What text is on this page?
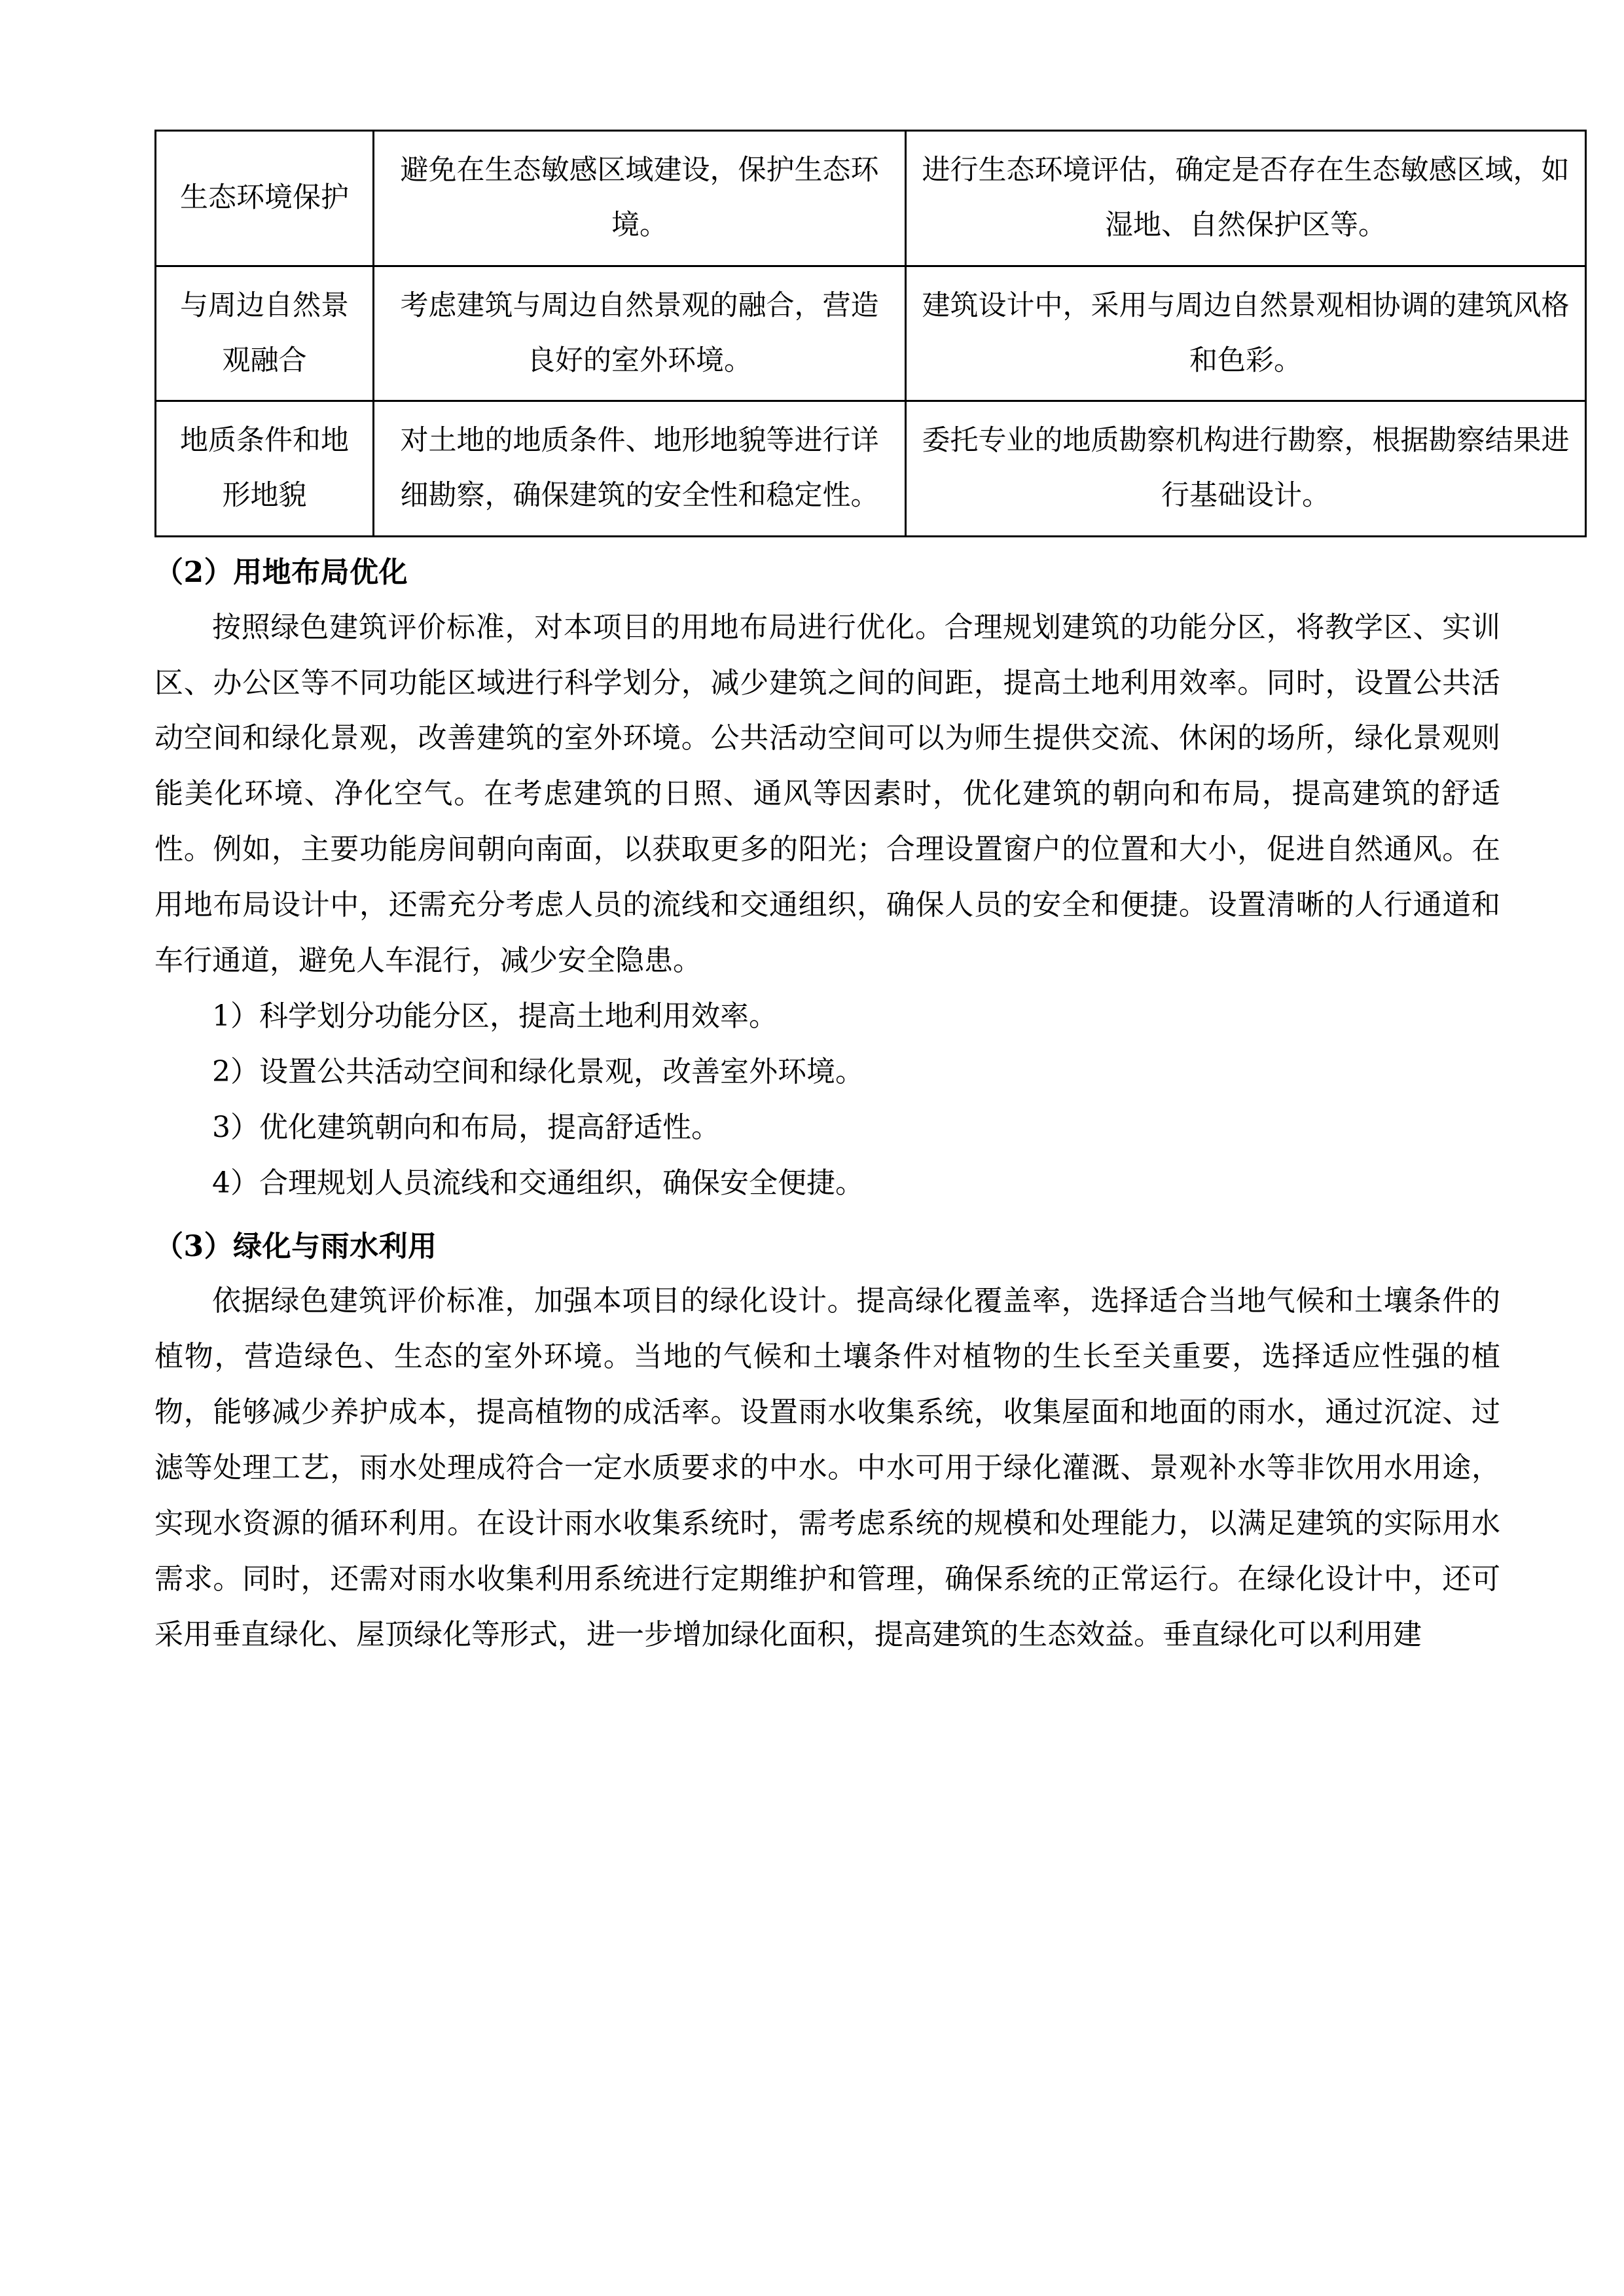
生态环境保护	避免在生态敏感区域建设，保护生态环境。	进行生态环境评估，确定是否存在生态敏感区域，如湿地、自然保护区等。
与周边自然景观融合	考虑建筑与周边自然景观的融合，营造良好的室外环境。	建筑设计中，采用与周边自然景观相协调的建筑风格和色彩。
地质条件和地形地貌	对土地的地质条件、地形地貌等进行详细勘察，确保建筑的安全性和稳定性。	委托专业的地质勘察机构进行勘察，根据勘察结果进行基础设计。
（2）用地布局优化

按照绿色建筑评价标准，对本项目的用地布局进行优化。合理规划建筑的功能分区，将教学区、实训区、办公区等不同功能区域进行科学划分，减少建筑之间的间距，提高土地利用效率。同时，设置公共活动空间和绿化景观，改善建筑的室外环境。公共活动空间可以为师生提供交流、休闲的场所，绿化景观则能美化环境、净化空气。在考虑建筑的日照、通风等因素时，优化建筑的朝向和布局，提高建筑的舒适性。例如，主要功能房间朝向南面，以获取更多的阳光；合理设置窗户的位置和大小，促进自然通风。在用地布局设计中，还需充分考虑人员的流线和交通组织，确保人员的安全和便捷。设置清晰的人行通道和车行通道，避免人车混行，减少安全隐患。

1）科学划分功能分区，提高土地利用效率。

2）设置公共活动空间和绿化景观，改善室外环境。

3）优化建筑朝向和布局，提高舒适性。

4）合理规划人员流线和交通组织，确保安全便捷。

（3）绿化与雨水利用

依据绿色建筑评价标准，加强本项目的绿化设计。提高绿化覆盖率，选择适合当地气候和土壤条件的植物，营造绿色、生态的室外环境。当地的气候和土壤条件对植物的生长至关重要，选择适应性强的植物，能够减少养护成本，提高植物的成活率。设置雨水收集系统，收集屋面和地面的雨水，通过沉淀、过滤等处理工艺，雨水处理成符合一定水质要求的中水。中水可用于绿化灌溉、景观补水等非饮用水用途，实现水资源的循环利用。在设计雨水收集系统时，需考虑系统的规模和处理能力，以满足建筑的实际用水需求。同时，还需对雨水收集利用系统进行定期维护和管理，确保系统的正常运行。在绿化设计中，还可采用垂直绿化、屋顶绿化等形式，进一步增加绿化面积，提高建筑的生态效益。垂直绿化可以利用建
